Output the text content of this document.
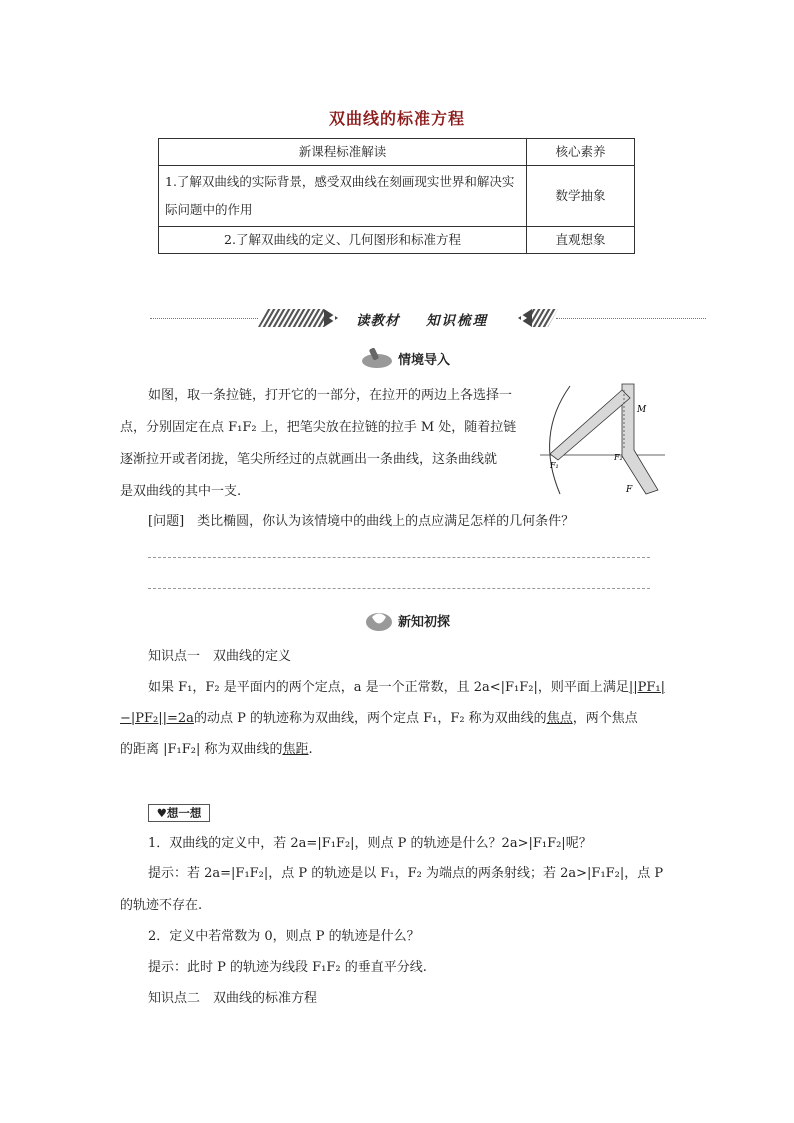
双曲线的标准方程
新课程标准解读	核心素养
1.了解双曲线的实际背景，感受双曲线在刻画现实世界和解决实际问题中的作用	数学抽象
2.了解双曲线的定义、几何图形和标准方程	直观想象
读教材 知识梳理
情境导入
如图，取一条拉链，打开它的一部分，在拉开的两边上各选择一
点，分别固定在点 F₁F₂ 上，把笔尖放在拉链的拉手 M 处，随着拉链
逐渐拉开或者闭拢，笔尖所经过的点就画出一条曲线，这条曲线就
是双曲线的其中一支.
M
F₁
F₂
F
[问题]　类比椭圆，你认为该情境中的曲线上的点应满足怎样的几何条件？
新知初探
知识点一　双曲线的定义
如果 F₁，F₂ 是平面内的两个定点，a 是一个正常数，且 2a<|F₁F₂|，则平面上满足||PF₁|
−|PF₂||=2a的动点 P 的轨迹称为双曲线，两个定点 F₁，F₂ 称为双曲线的焦点，两个焦点
的距离 |F₁F₂| 称为双曲线的焦距.
♥想一想
1．双曲线的定义中，若 2a=|F₁F₂|，则点 P 的轨迹是什么？2a>|F₁F₂|呢？
提示：若 2a=|F₁F₂|，点 P 的轨迹是以 F₁，F₂ 为端点的两条射线；若 2a>|F₁F₂|，点 P
的轨迹不存在.
2．定义中若常数为 0，则点 P 的轨迹是什么？
提示：此时 P 的轨迹为线段 F₁F₂ 的垂直平分线.
知识点二　双曲线的标准方程
